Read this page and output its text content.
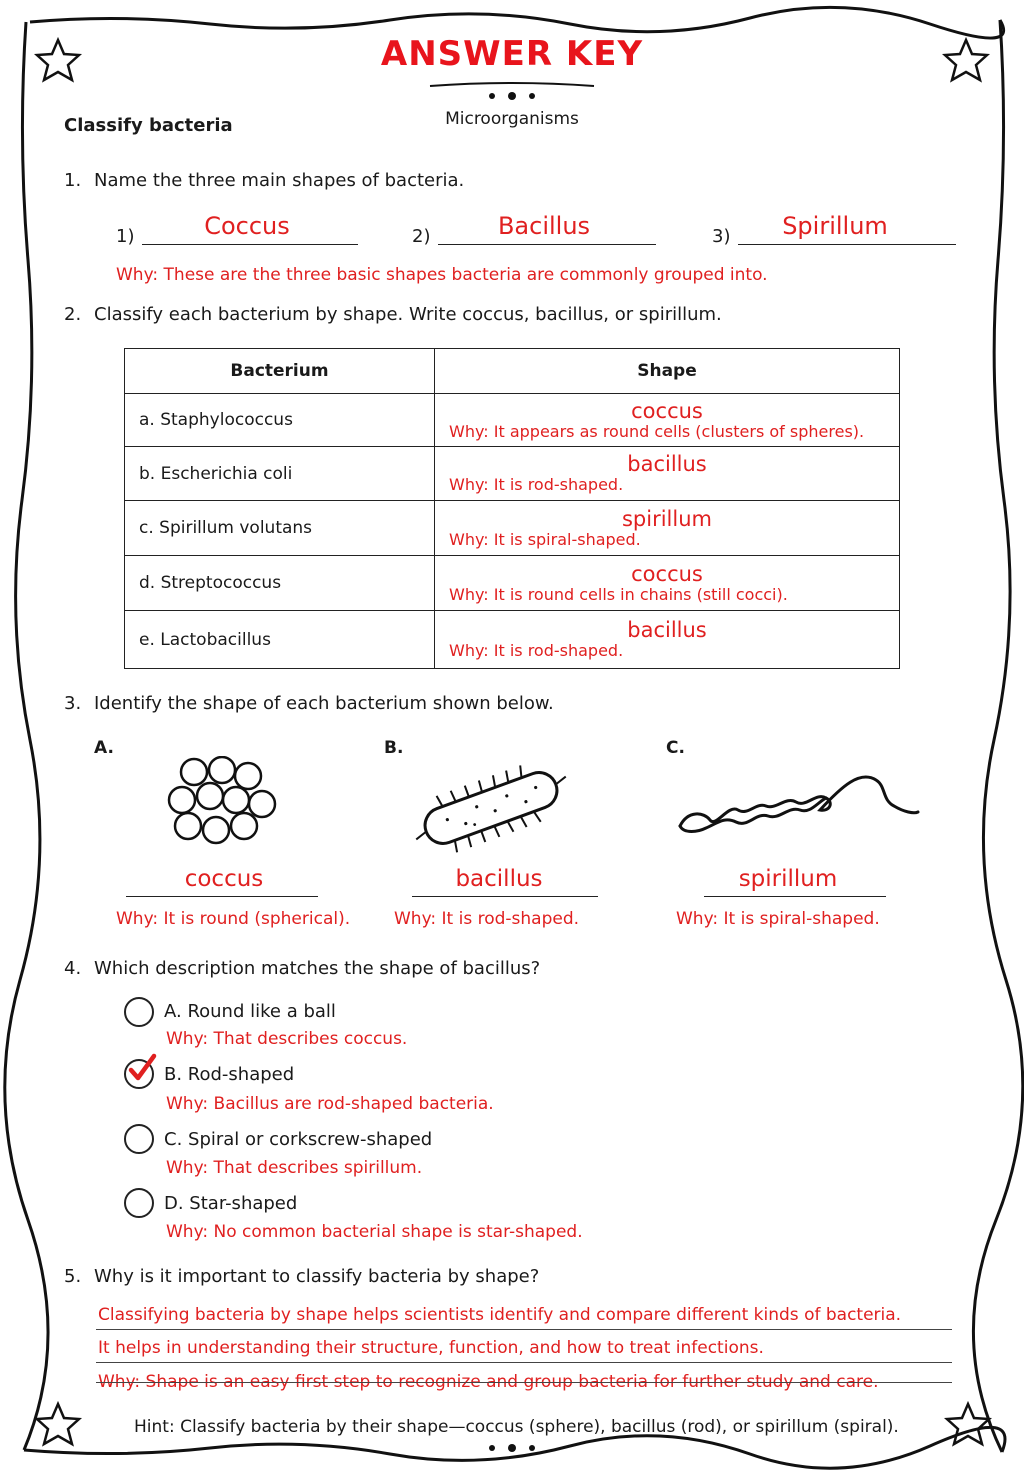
ANSWER KEY
Classify bacteria	Microorganisms
1. Name the three main shapes of bacteria.
1)	Coccus	2)	Bacillus	3)	Spirillum
Why: These are the three basic shapes bacteria are commonly grouped into.
2. Classify each bacterium by shape. Write coccus, bacillus, or spirillum.
Bacterium	Shape
a. Staphylococcus	coccus
Why: It appears as round cells (clusters of spheres).

b. Escherichia coli	bacillus
Why: It is rod-shaped.

c. Spirillum volutans	spirillum
Why: It is spiral-shaped.

d. Streptococcus	coccus
Why: It is round cells in chains (still cocci).

e. Lactobacillus	bacillus
Why: It is rod-shaped.
3. Identify the shape of each bacterium shown below.
A.	B.	C.
coccus	bacillus	spirillum
Why: It is round (spherical).	Why: It is rod-shaped.	Why: It is spiral-shaped.
4. Which description matches the shape of bacillus?
A. Round like a ball
Why: That describes coccus.
B. Rod-shaped
Why: Bacillus are rod-shaped bacteria.
C. Spiral or corkscrew-shaped
Why: That describes spirillum.
D. Star-shaped
Why: No common bacterial shape is star-shaped.
5. Why is it important to classify bacteria by shape?
Classifying bacteria by shape helps scientists identify and compare different kinds of bacteria.
It helps in understanding their structure, function, and how to treat infections.
Why: Shape is an easy first step to recognize and group bacteria for further study and care.
Hint: Classify bacteria by their shape—coccus (sphere), bacillus (rod), or spirillum (spiral).
